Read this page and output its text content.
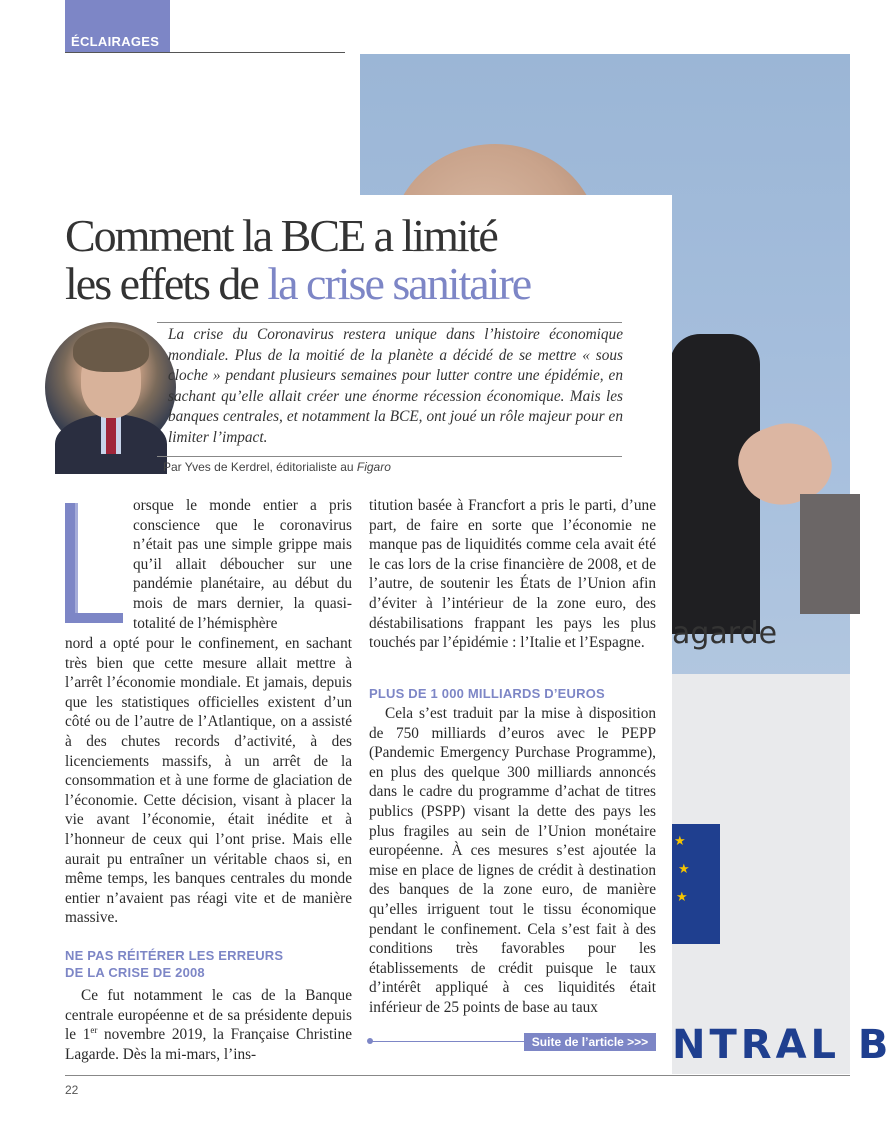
ÉCLAIRAGES
★
★
★
agarde
NTRAL B
Comment la BCE a limité
les effets de la crise sanitaire
La crise du Coronavirus restera unique dans l’histoire économique mondiale. Plus de la moitié de la planète a décidé de se mettre « sous cloche » pendant plusieurs semaines pour lutter contre une épidémie, en sachant qu’elle allait créer une énorme récession économique. Mais les banques centrales, et notamment la BCE, ont joué un rôle majeur pour en limiter l’impact.
Par Yves de Kerdrel, éditorialiste au Figaro

orsque le monde entier a pris conscience que le coronavirus n’était pas une simple grippe mais qu’il allait déboucher sur une pandémie planétaire, au début du mois de mars dernier, la quasi-totalité de l’hémisphère

nord a opté pour le confinement, en sachant très bien que cette mesure allait mettre à l’arrêt l’économie mondiale. Et jamais, depuis que les statistiques officielles existent d’un côté ou de l’autre de l’Atlantique, on a assisté à des chutes records d’activité, à des licenciements massifs, à un arrêt de la consommation et à une forme de glaciation de l’économie. Cette décision, visant à placer la vie avant l’économie, était inédite et à l’honneur de ceux qui l’ont prise. Mais elle aurait pu entraîner un véritable chaos si, en même temps, les banques centrales du monde entier n’avaient pas réagi vite et de manière massive.

NE PAS RÉITÉRER LES ERREURS
DE LA CRISE DE 2008

Ce fut notamment le cas de la Banque centrale européenne et de sa présidente depuis le 1er novembre 2019, la Française Christine Lagarde. Dès la mi-mars, l’ins-

titution basée à Francfort a pris le parti, d’une part, de faire en sorte que l’économie ne manque pas de liquidités comme cela avait été le cas lors de la crise financière de 2008, et de l’autre, de soutenir les États de l’Union afin d’éviter à l’intérieur de la zone euro, des déstabilisations frappant les pays les plus touchés par l’épidémie : l’Italie et l’Espagne.

PLUS DE 1 000 MILLIARDS D’EUROS

Cela s’est traduit par la mise à disposition de 750 milliards d’euros avec le PEPP (Pandemic Emergency Purchase Programme), en plus des quelque 300 milliards annoncés dans le cadre du programme d’achat de titres publics (PSPP) visant la dette des pays les plus fragiles au sein de l’Union monétaire européenne. À ces mesures s’est ajoutée la mise en place de lignes de crédit à destination des banques de la zone euro, de manière qu’elles irriguent tout le tissu économique pendant le confinement. Cela s’est fait à des conditions très favorables pour les établissements de crédit puisque le taux d’intérêt appliqué à ces liquidités était inférieur de 25 points de base au taux

Suite de l’article >>>
22
